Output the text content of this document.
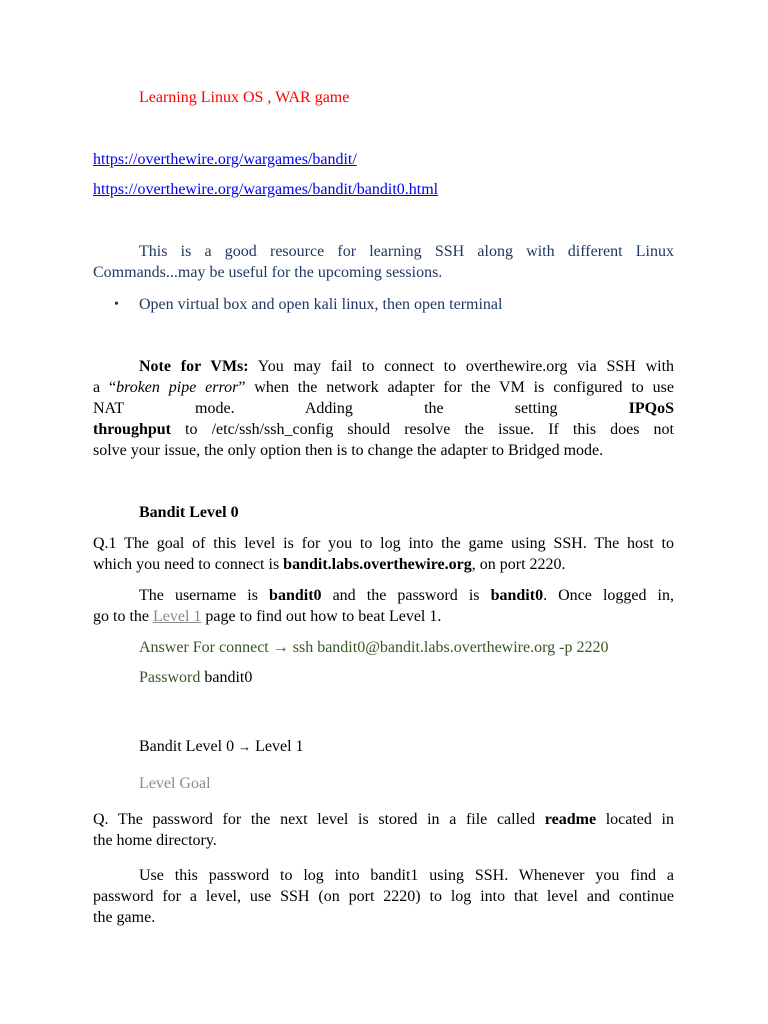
Learning Linux OS , WAR game

https://overthewire.org/wargames/bandit/

https://overthewire.org/wargames/bandit/bandit0.html

This is a good resource for learning SSH along with different Linux

Commands...may be useful for the upcoming sessions.

•	Open virtual box and open kali linux, then open terminal

Note for VMs: You may fail to connect to overthewire.org via SSH with

a “broken pipe error” when the network adapter for the VM is configured to use

NAT	mode.	Adding	the	setting IPQoS

throughput to /etc/ssh/ssh_config should resolve the issue. If this does not

solve your issue, the only option then is to change the adapter to Bridged mode.

Bandit Level 0

Q.1 The goal of this level is for you to log into the game using SSH. The host to

which you need to connect is bandit.labs.overthewire.org, on port 2220.

The username is bandit0 and the password is bandit0. Once logged in,

go to the Level 1 page to find out how to beat Level 1.

Answer For connect → ssh bandit0@bandit.labs.overthewire.org -p 2220

Password bandit0

Bandit Level 0 → Level 1

Level Goal

Q. The password for the next level is stored in a file called readme located in

the home directory.

Use this password to log into bandit1 using SSH. Whenever you find a

password for a level, use SSH (on port 2220) to log into that level and continue

the game.
